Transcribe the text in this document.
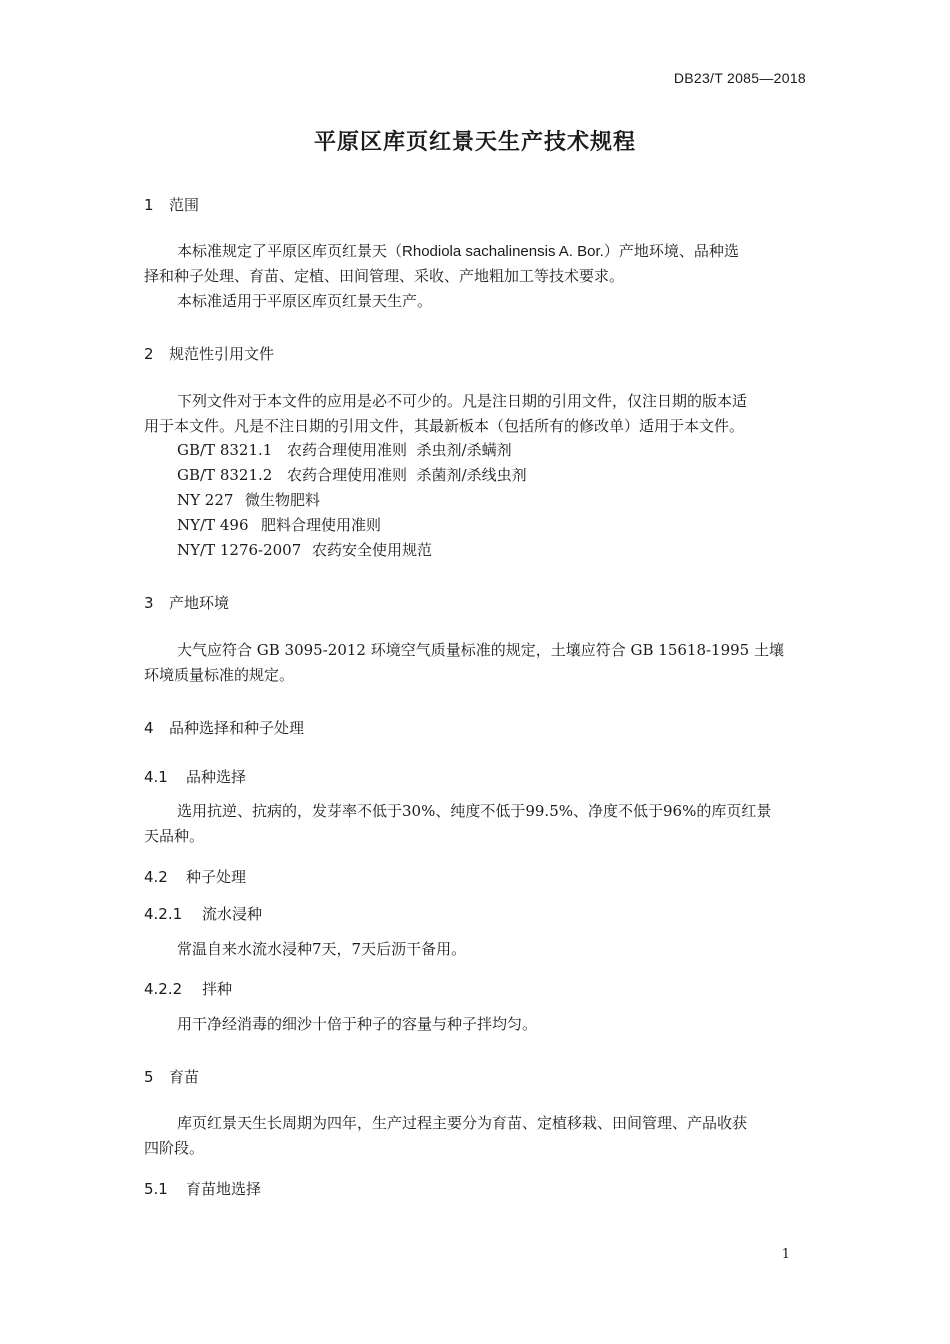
DB23/T 2085—2018
平原区库页红景天生产技术规程
1 范围
本标准规定了平原区库页红景天（Rhodiola sachalinensis A. Bor.）产地环境、品种选
择和种子处理、育苗、定植、田间管理、采收、产地粗加工等技术要求。
本标准适用于平原区库页红景天生产。
2 规范性引用文件
下列文件对于本文件的应用是必不可少的。凡是注日期的引用文件，仅注日期的版本适
用于本文件。凡是不注日期的引用文件，其最新板本（包括所有的修改单）适用于本文件。
GB/T 8321.1 农药合理使用准则  杀虫剂/杀螨剂
GB/T 8321.2 农药合理使用准则  杀菌剂/杀线虫剂
NY 227 微生物肥料
NY/T 496 肥料合理使用准则
NY/T 1276-2007 农药安全使用规范
3 产地环境
大气应符合 GB 3095-2012 环境空气质量标准的规定，土壤应符合 GB 15618-1995 土壤
环境质量标准的规定。
4 品种选择和种子处理
4.1 品种选择
选用抗逆、抗病的，发芽率不低于30%、纯度不低于99.5%、净度不低于96%的库页红景
天品种。
4.2 种子处理
4.2.1 流水浸种
常温自来水流水浸种7天，7天后沥干备用。
4.2.2 拌种
用干净经消毒的细沙十倍于种子的容量与种子拌均匀。
5 育苗
库页红景天生长周期为四年，生产过程主要分为育苗、定植移栽、田间管理、产品收获
四阶段。
5.1 育苗地选择
1
